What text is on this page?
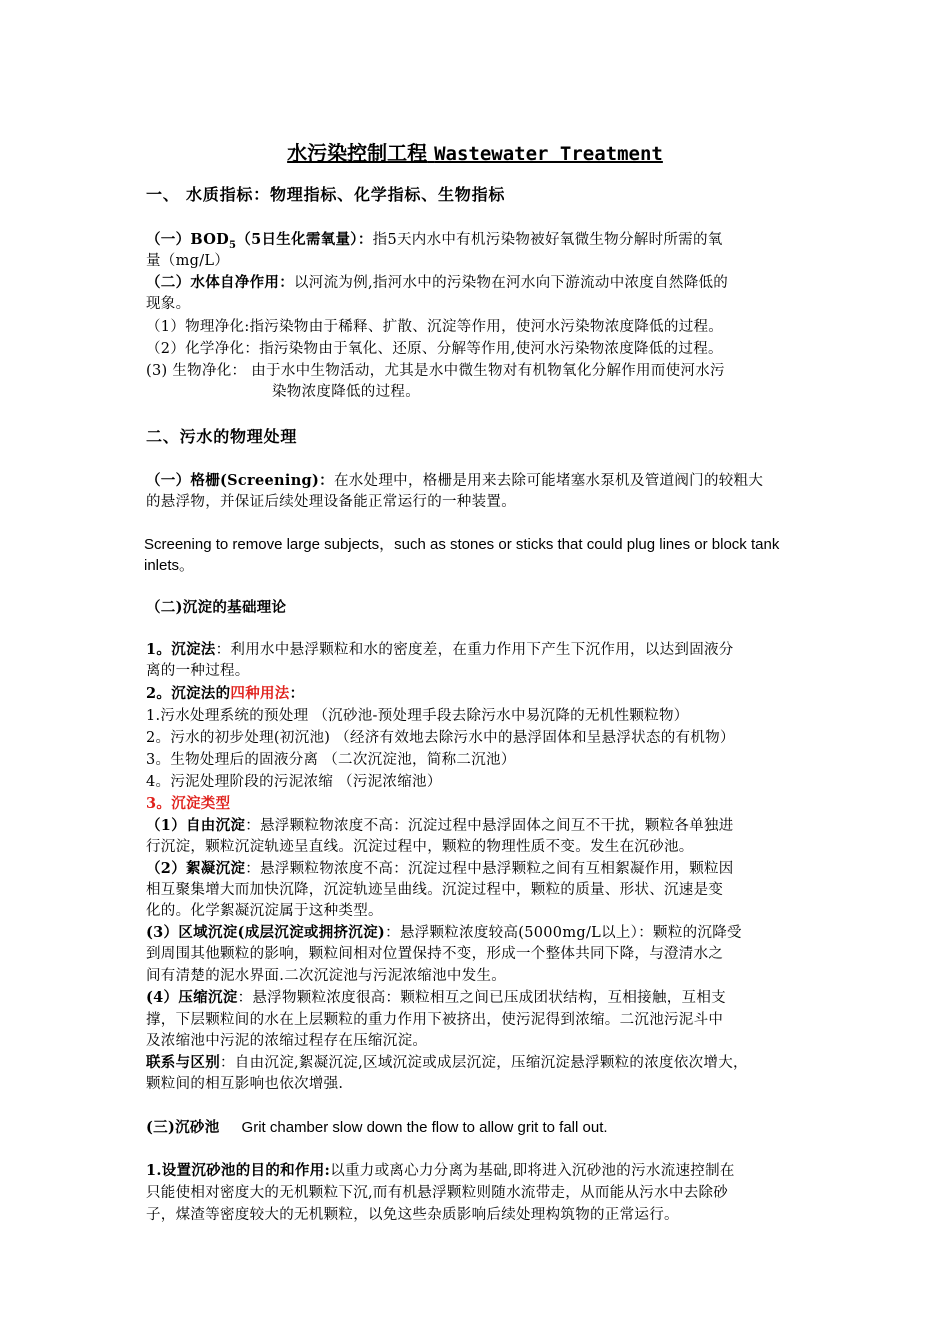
水污染控制工程 Wastewater Treatment
一、 水质指标：物理指标、化学指标、生物指标
（一）$BOD_5(5$日生化需氧量）：指5天内水中有机污染物被好氧微生物分解时所需的氧
量（mg/L）
（二）水体自净作用：以河流为例,指河水中的污染物在河水向下游流动中浓度自然降低的
现象。
（1）物理净化:指污染物由于稀释、扩散、沉淀等作用，使河水污染物浓度降低的过程。
（2）化学净化：指污染物由于氧化、还原、分解等作用,使河水污染物浓度降低的过程。
(3) 生物净化： 由于水中生物活动，尤其是水中微生物对有机物氧化分解作用而使河水污
染物浓度降低的过程。
二、污水的物理处理
（一）格栅(Screening)：在水处理中，格栅是用来去除可能堵塞水泵机及管道阀门的较粗大
的悬浮物，并保证后续处理设备能正常运行的一种装置。
Screening to remove large subjects，such as stones or sticks that could plug lines or block tank
inlets。
（二)沉淀的基础理论
1。沉淀法：利用水中悬浮颗粒和水的密度差，在重力作用下产生下沉作用，以达到固液分
离的一种过程。
2。沉淀法的四种用法：
1.污水处理系统的预处理 （沉砂池-预处理手段去除污水中易沉降的无机性颗粒物）
2。污水的初步处理(初沉池) （经济有效地去除污水中的悬浮固体和呈悬浮状态的有机物）
3。生物处理后的固液分离 （二次沉淀池，简称二沉池）
4。污泥处理阶段的污泥浓缩 （污泥浓缩池）
3。沉淀类型
（1）自由沉淀：悬浮颗粒物浓度不高：沉淀过程中悬浮固体之间互不干扰，颗粒各单独进
行沉淀，颗粒沉淀轨迹呈直线。沉淀过程中，颗粒的物理性质不变。发生在沉砂池。
（2）絮凝沉淀：悬浮颗粒物浓度不高：沉淀过程中悬浮颗粒之间有互相絮凝作用，颗粒因
相互聚集增大而加快沉降，沉淀轨迹呈曲线。沉淀过程中，颗粒的质量、形状、沉速是变
化的。化学絮凝沉淀属于这种类型。
(3）区域沉淀(成层沉淀或拥挤沉淀)：悬浮颗粒浓度较高(5000mg/L以上）：颗粒的沉降受
到周围其他颗粒的影响，颗粒间相对位置保持不变，形成一个整体共同下降，与澄清水之
间有清楚的泥水界面.二次沉淀池与污泥浓缩池中发生。
(4）压缩沉淀：悬浮物颗粒浓度很高：颗粒相互之间已压成团状结构，互相接触，互相支
撑，下层颗粒间的水在上层颗粒的重力作用下被挤出，使污泥得到浓缩。二沉池污泥斗中
及浓缩池中污泥的浓缩过程存在压缩沉淀。
联系与区别：自由沉淀,絮凝沉淀,区域沉淀或成层沉淀，压缩沉淀悬浮颗粒的浓度依次增大，
颗粒间的相互影响也依次增强.
(三)沉砂池 Grit chamber slow down the flow to allow grit to fall out.
1.设置沉砂池的目的和作用:以重力或离心力分离为基础,即将进入沉砂池的污水流速控制在
只能使相对密度大的无机颗粒下沉,而有机悬浮颗粒则随水流带走，从而能从污水中去除砂
子，煤渣等密度较大的无机颗粒，以免这些杂质影响后续处理构筑物的正常运行。
